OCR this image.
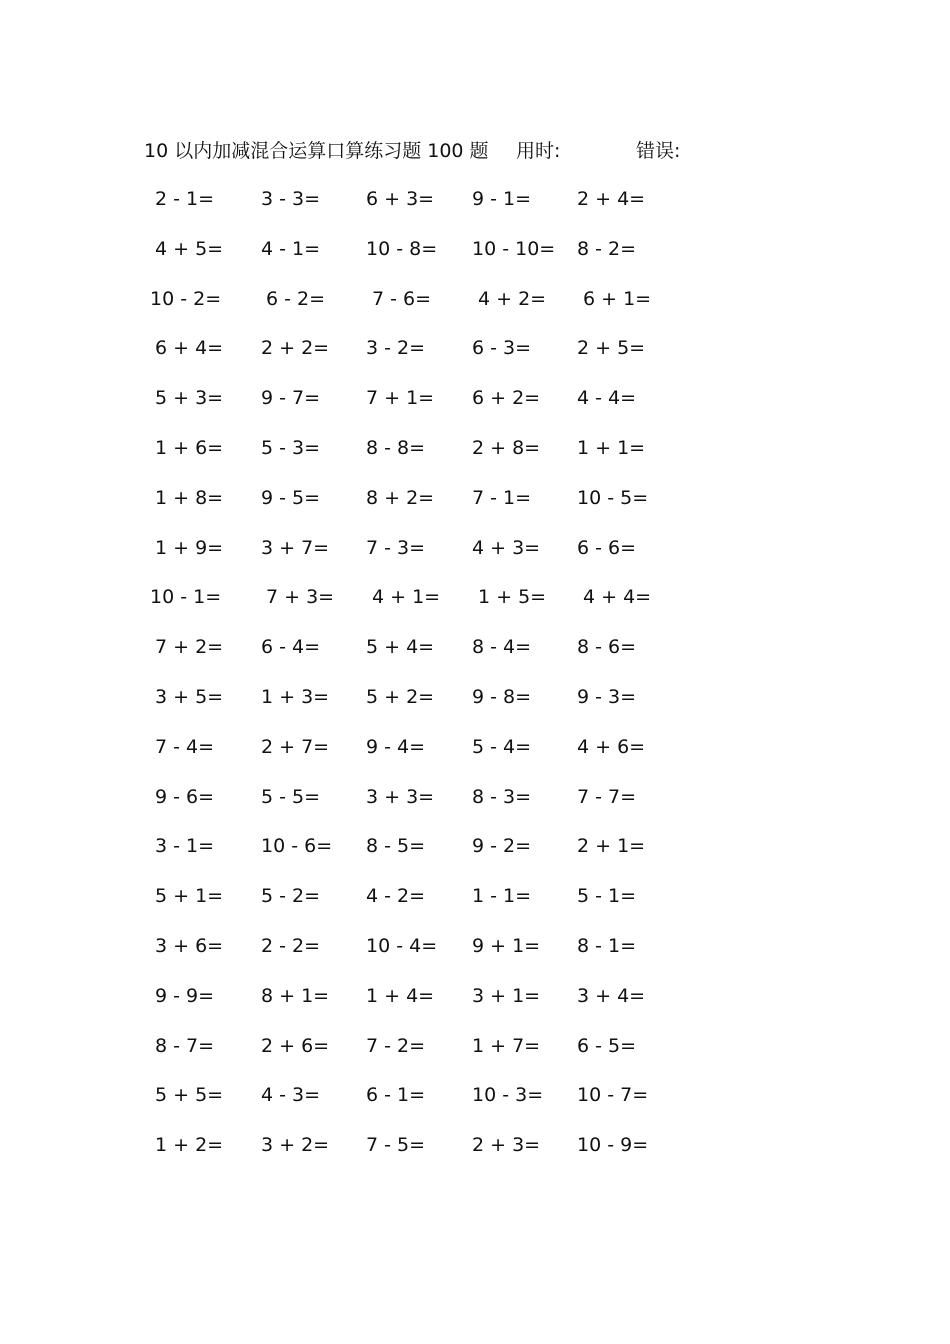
10 以内加减混合运算口算练习题 100 题 用时:	错误:
2 - 1= 3 - 3= 6 + 3= 9 - 1= 2 + 4=
4 + 5= 4 - 1= 10 - 8= 10 - 10= 8 - 2=
10 - 2= 6 - 2= 7 - 6= 4 + 2= 6 + 1=
6 + 4= 2 + 2= 3 - 2= 6 - 3= 2 + 5=
5 + 3= 9 - 7= 7 + 1= 6 + 2= 4 - 4=
1 + 6= 5 - 3= 8 - 8= 2 + 8= 1 + 1=
1 + 8= 9 - 5= 8 + 2= 7 - 1= 10 - 5=
1 + 9= 3 + 7= 7 - 3= 4 + 3= 6 - 6=
10 - 1= 7 + 3= 4 + 1= 1 + 5= 4 + 4=
7 + 2= 6 - 4= 5 + 4= 8 - 4= 8 - 6=
3 + 5= 1 + 3= 5 + 2= 9 - 8= 9 - 3=
7 - 4= 2 + 7= 9 - 4= 5 - 4= 4 + 6=
9 - 6= 5 - 5= 3 + 3= 8 - 3= 7 - 7=
3 - 1= 10 - 6= 8 - 5= 9 - 2= 2 + 1=
5 + 1= 5 - 2= 4 - 2= 1 - 1= 5 - 1=
3 + 6= 2 - 2= 10 - 4= 9 + 1= 8 - 1=
9 - 9= 8 + 1= 1 + 4= 3 + 1= 3 + 4=
8 - 7= 2 + 6= 7 - 2= 1 + 7= 6 - 5=
5 + 5= 4 - 3= 6 - 1= 10 - 3= 10 - 7=
1 + 2= 3 + 2= 7 - 5= 2 + 3= 10 - 9=
